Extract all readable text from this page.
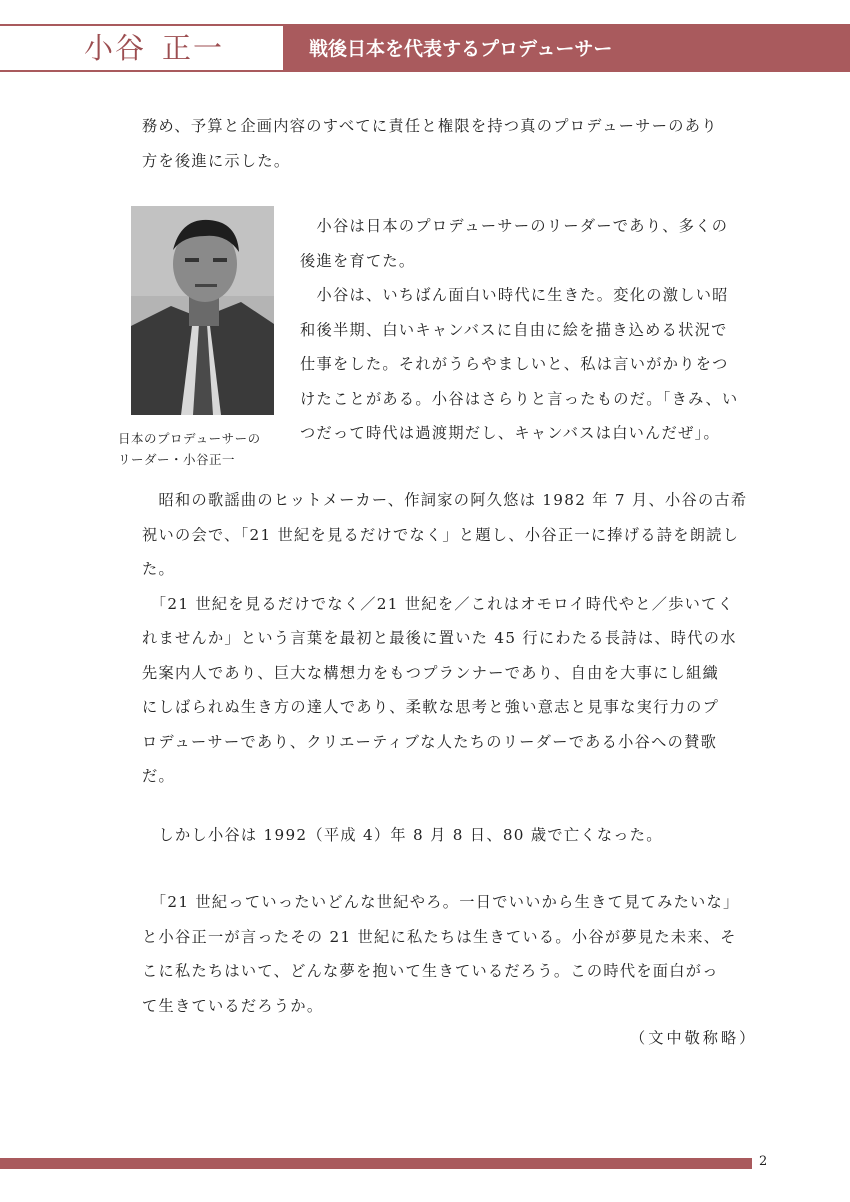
小谷 正一	戦後日本を代表するプロデューサー

務め、予算と企画内容のすべてに責任と権限を持つ真のプロデューサーのあり
方を後進に示した。

　小谷は日本のプロデューサーのリーダーであり、多くの
後進を育てた。
　小谷は、いちばん面白い時代に生きた。変化の激しい昭
和後半期、白いキャンバスに自由に絵を描き込める状況で
仕事をした。それがうらやましいと、私は言いがかりをつ
けたことがある。小谷はさらりと言ったものだ。「きみ、い
つだって時代は過渡期だし、キャンバスは白いんだぜ」。

日本のプロデューサーの
リーダー・小谷正一

　昭和の歌謡曲のヒットメーカー、作詞家の阿久悠は 1982 年 7 月、小谷の古希
祝いの会で、「21 世紀を見るだけでなく」と題し、小谷正一に捧げる詩を朗読し
た。
　「21 世紀を見るだけでなく／21 世紀を／これはオモロイ時代やと／歩いてく
れませんか」という言葉を最初と最後に置いた 45 行にわたる長詩は、時代の水
先案内人であり、巨大な構想力をもつプランナーであり、自由を大事にし組織
にしばられぬ生き方の達人であり、柔軟な思考と強い意志と見事な実行力のプ
ロデューサーであり、クリエーティブな人たちのリーダーである小谷への賛歌
だ。

　しかし小谷は 1992（平成 4）年 8 月 8 日、80 歳で亡くなった。

　「21 世紀っていったいどんな世紀やろ。一日でいいから生きて見てみたいな」
と小谷正一が言ったその 21 世紀に私たちは生きている。小谷が夢見た未来、そ
こに私たちはいて、どんな夢を抱いて生きているだろう。この時代を面白がっ
て生きているだろうか。

（文中敬称略）
2
